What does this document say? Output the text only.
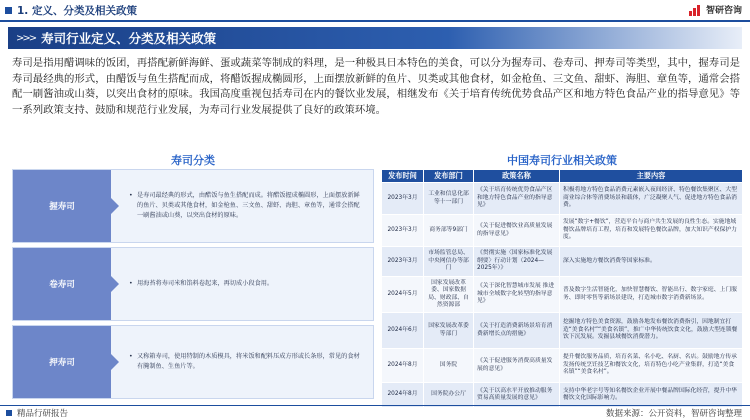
1. 定义、分类及相关政策	智研咨询
>>> 寿司行业定义、分类及相关政策

寿司是指用醋调味的饭团，再搭配新鲜海鲜、蛋或蔬菜等制成的料理，是一种极具日本特色的美食，可以分为握寿司、卷寿司、押寿司等类型，其中，握寿司是寿司最经典的形式，由醋饭与鱼生搭配而成，将醋饭握成椭圆形，上面摆放新鲜的鱼片、贝类或其他食材，如金枪鱼、三文鱼、甜虾、海胆、章鱼等，通常会搭配一刷酱油或山葵，以突出食材的原味。我国高度重视包括寿司在内的餐饮业发展，相继发布《关于培育传统优势食品产区和地方特色食品产业的指导意见》等一系列政策支持、鼓励和规范行业发展，为寿司行业发展提供了良好的政策环境。

寿司分类
握寿司
• 是寿司最经典的形式，由醋饭与鱼生搭配而成。将醋饭握成椭圆形，上面摆放新鲜的鱼片、贝类或其他食材，如金枪鱼、三文鱼、甜虾、海胆、章鱼等，通常会搭配一刷酱油或山葵，以突出食材的原味。
卷寿司	• 用海苔将寿司米和馅料卷起来，再切成小段食用。
押寿司
• 又称箱寿司，使用特制的木质模具，将米饭和配料压成方形或长条形，常见的食材有腌制鱼、生鱼片等。
中国寿司行业相关政策
发布时间	发布部门	政策名称	主要内容
2023年3月	工业和信息化部等十一部门	《关于培育传统优势食品产区和地方特色食品产业的指导意见》	积极将地方特色食品消费元素嵌入夜间经济、特色餐饮集聚区、大型商业综合体等消费场景和载体，广泛凝聚人气、促进地方特色食品消费。
2023年3月	商务部等9部门	《关于促进餐饮业高质量发展的指导意见》	发展“数字+餐饮”，营造平台与商户共生发展的良性生态。实施地域餐饮品牌培育工程，培育和发展特色餐饮品牌，加大知识产权保护力度。
2023年3月	市场监管总局、中央网信办等部门	《贯彻实施〈国家标准化发展纲要〉行动计划（2024—2025年）》	深入实施地方餐饮消费等国家标准。
2024年5月	国家发展改革委、国家数据局、财政部、自然资源部	《关于深化智慧城市发展 推进城市全域数字化转型的指导意见》	普及数字生活智能化，加快智慧餐饮、智能出行、数字家庭、上门服务、即时零售等新场景建设，打造城市数字消费新场景。
2024年6月	国家发展改革委等部门	《关于打造消费新场景培育消费新增长点的措施》	挖掘地方特色美食资源，鼓励各地发布餐饮消费指引，因地制宜打造“美食名村”“美食名镇”，推广中华传统饮食文化，鼓励大型连锁餐饮下沉发展。发掘县域餐饮消费潜力。
2024年8月	国务院	《关于促进服务消费高质量发展的意见》	提升餐饮服务品质，培育名菜、名小吃、名厨、名店。鼓励地方传承发扬传统烹饪技艺和餐饮文化，培育特色小吃产业集群，打造“美食名镇”“美食名村”。
2024年8月	国务院办公厅	《关于以高水平开放推动服务贸易高质量发展的意见》	支持中华老字号等知名餐饮企业开展中餐品牌国际化经营，提升中华餐饮文化国际影响力。
精品行研报告	数据来源：公开资料，智研咨询整理
